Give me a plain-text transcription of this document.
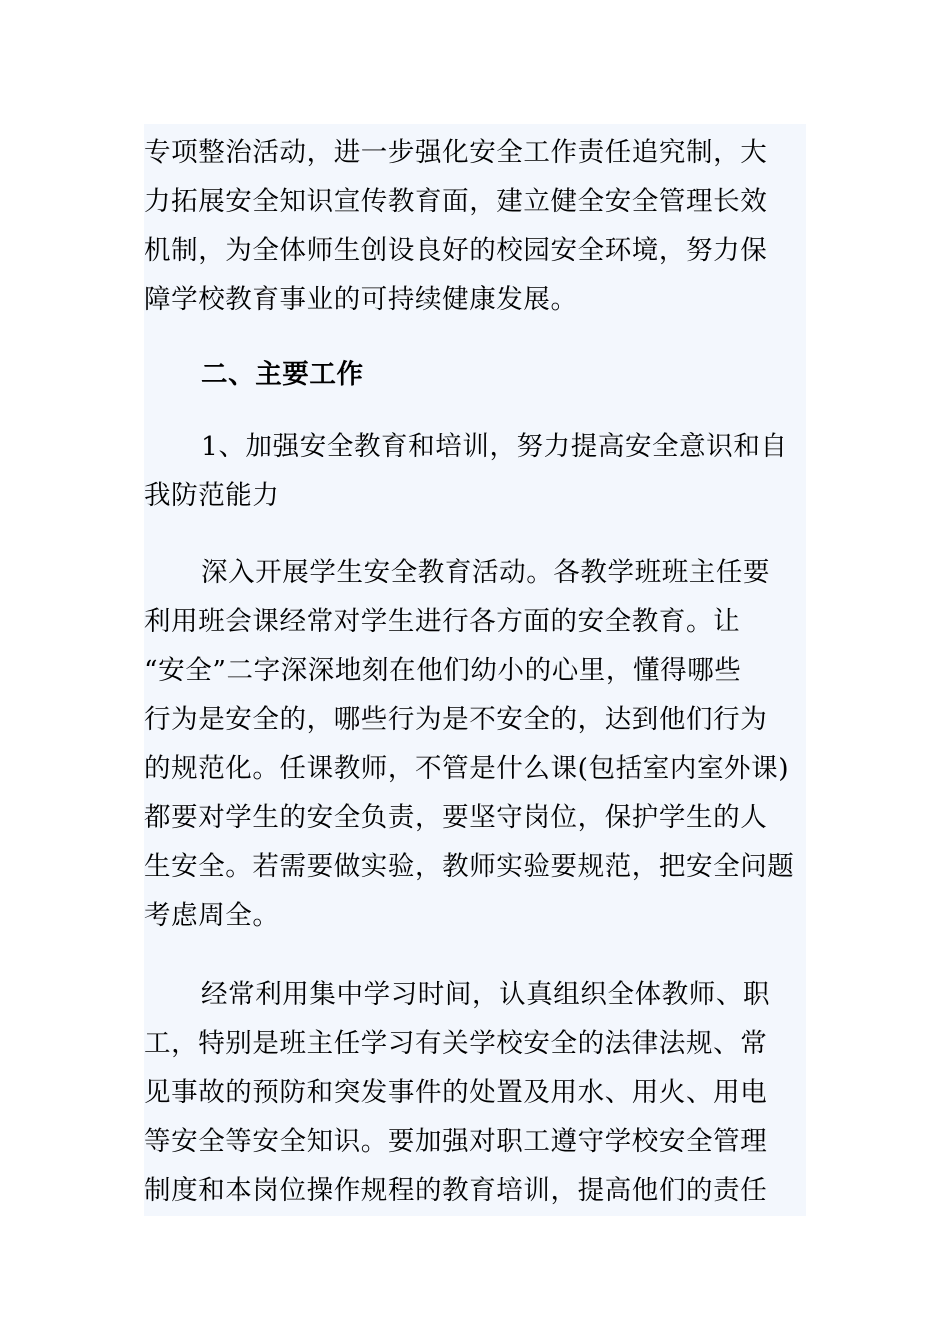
专项整治活动，进一步强化安全工作责任追究制，大
力拓展安全知识宣传教育面，建立健全安全管理长效
机制，为全体师生创设良好的校园安全环境，努力保
障学校教育事业的可持续健康发展。

二、主要工作

1、加强安全教育和培训，努力提高安全意识和自
我防范能力

深入开展学生安全教育活动。各教学班班主任要
利用班会课经常对学生进行各方面的安全教育。让
“安全”二字深深地刻在他们幼小的心里，懂得哪些
行为是安全的，哪些行为是不安全的，达到他们行为
的规范化。任课教师，不管是什么课(包括室内室外课)
都要对学生的安全负责，要坚守岗位，保护学生的人
生安全。若需要做实验，教师实验要规范，把安全问题
考虑周全。

经常利用集中学习时间，认真组织全体教师、职
工，特别是班主任学习有关学校安全的法律法规、常
见事故的预防和突发事件的处置及用水、用火、用电
等安全等安全知识。要加强对职工遵守学校安全管理
制度和本岗位操作规程的教育培训，提高他们的责任
